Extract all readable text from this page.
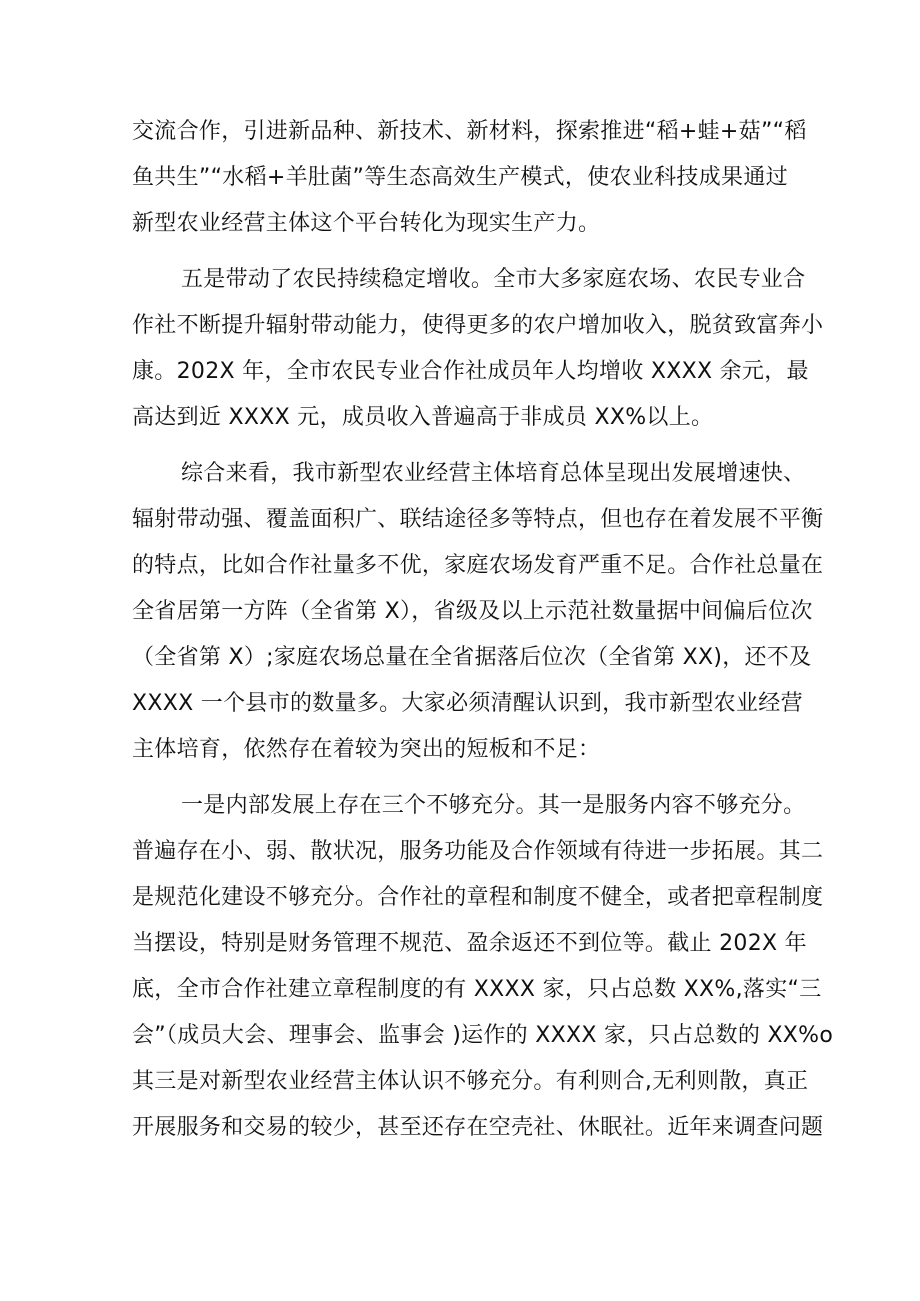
交流合作，引进新品种、新技术、新材料，探索推进“稻+蛙+菇”“稻
鱼共生”“水稻+羊肚菌”等生态高效生产模式，使农业科技成果通过
新型农业经营主体这个平台转化为现实生产力。
五是带动了农民持续稳定增收。全市大多家庭农场、农民专业合
作社不断提升辐射带动能力，使得更多的农户增加收入，脱贫致富奔小
康。202X 年，全市农民专业合作社成员年人均增收 XXXX 余元，最
高达到近 XXXX 元，成员收入普遍高于非成员 XX%以上。
综合来看，我市新型农业经营主体培育总体呈现出发展增速快、
辐射带动强、覆盖面积广、联结途径多等特点，但也存在着发展不平衡
的特点，比如合作社量多不优，家庭农场发育严重不足。合作社总量在
全省居第一方阵（全省第 X），省级及以上示范社数量据中间偏后位次
（全省第 X）;家庭农场总量在全省据落后位次（全省第 XX)，还不及
XXXX 一个县市的数量多。大家必须清醒认识到，我市新型农业经营
主体培育，依然存在着较为突出的短板和不足：
一是内部发展上存在三个不够充分。其一是服务内容不够充分。
普遍存在小、弱、散状况，服务功能及合作领域有待进一步拓展。其二
是规范化建设不够充分。合作社的章程和制度不健全，或者把章程制度
当摆设，特别是财务管理不规范、盈余返还不到位等。截止 202X 年
底，全市合作社建立章程制度的有 XXXX 家，只占总数 XX%,落实“三
会”（成员大会、理事会、监事会 )运作的 XXXX 家，只占总数的 XX%o
其三是对新型农业经营主体认识不够充分。有利则合,无利则散，真正
开展服务和交易的较少，甚至还存在空壳社、休眠社。近年来调查问题
